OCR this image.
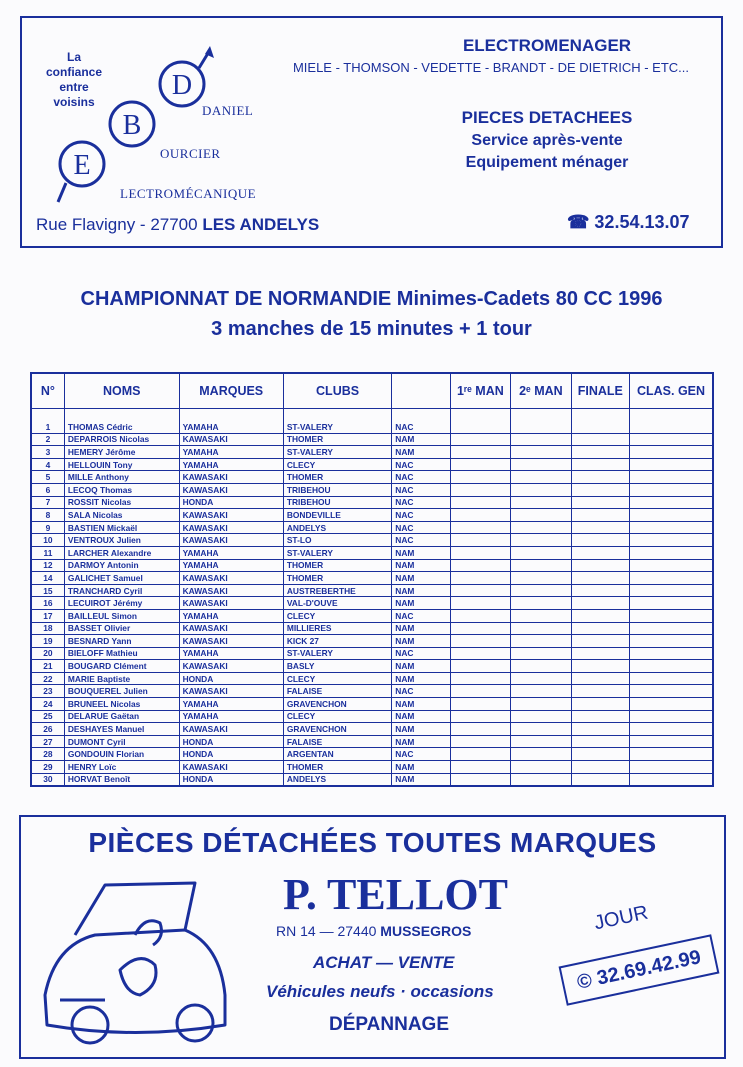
La
confiance
entre
voisins
E
B
D
DANIEL
OURCIER
LECTROMÉCANIQUE
ELECTROMENAGER
MIELE - THOMSON - VEDETTE - BRANDT - DE DIETRICH - ETC...
PIECES DETACHEES
Service après-vente
Equipement ménager
Rue Flavigny - 27700 LES ANDELYS	☎ 32.54.13.07
CHAMPIONNAT DE NORMANDIE Minimes-Cadets 80 CC 1996
3 manches de 15 minutes + 1 tour
N°	NOMS	MARQUES	CLUBS		1ʳᵉ MAN	2ᵉ MAN	FINALE	CLAS. GEN
1	THOMAS Cédric	YAMAHA	ST-VALERY	NAC				
2	DEPARROIS Nicolas	KAWASAKI	THOMER	NAM				
3	HEMERY Jérôme	YAMAHA	ST-VALERY	NAM				
4	HELLOUIN Tony	YAMAHA	CLECY	NAC				
5	MILLE Anthony	KAWASAKI	THOMER	NAC				
6	LECOQ Thomas	KAWASAKI	TRIBEHOU	NAC				
7	ROSSIT Nicolas	HONDA	TRIBEHOU	NAC				
8	SALA Nicolas	KAWASAKI	BONDEVILLE	NAC				
9	BASTIEN Mickaël	KAWASAKI	ANDELYS	NAC				
10	VENTROUX Julien	KAWASAKI	ST-LO	NAC				
11	LARCHER Alexandre	YAMAHA	ST-VALERY	NAM				
12	DARMOY Antonin	YAMAHA	THOMER	NAM				
14	GALICHET Samuel	KAWASAKI	THOMER	NAM				
15	TRANCHARD Cyril	KAWASAKI	AUSTREBERTHE	NAM				
16	LECUIROT Jérémy	KAWASAKI	VAL-D'OUVE	NAM				
17	BAILLEUL Simon	YAMAHA	CLECY	NAC				
18	BASSET Olivier	KAWASAKI	MILLIERES	NAM				
19	BESNARD Yann	KAWASAKI	KICK 27	NAM				
20	BIELOFF Mathieu	YAMAHA	ST-VALERY	NAC				
21	BOUGARD Clément	KAWASAKI	BASLY	NAM				
22	MARIE Baptiste	HONDA	CLECY	NAM				
23	BOUQUEREL Julien	KAWASAKI	FALAISE	NAC				
24	BRUNEEL Nicolas	YAMAHA	GRAVENCHON	NAM				
25	DELARUE Gaëtan	YAMAHA	CLECY	NAM				
26	DESHAYES Manuel	KAWASAKI	GRAVENCHON	NAM				
27	DUMONT Cyril	HONDA	FALAISE	NAM				
28	GONDOUIN Florian	HONDA	ARGENTAN	NAC				
29	HENRY Loïc	KAWASAKI	THOMER	NAM				
30	HORVAT Benoît	HONDA	ANDELYS	NAM				
PIÈCES DÉTACHÉES TOUTES MARQUES
P. TELLOT
RN 14 — 27440 MUSSEGROS
ACHAT — VENTE
Véhicules neufs · occasions
DÉPANNAGE
JOUR
© 32.69.42.99
